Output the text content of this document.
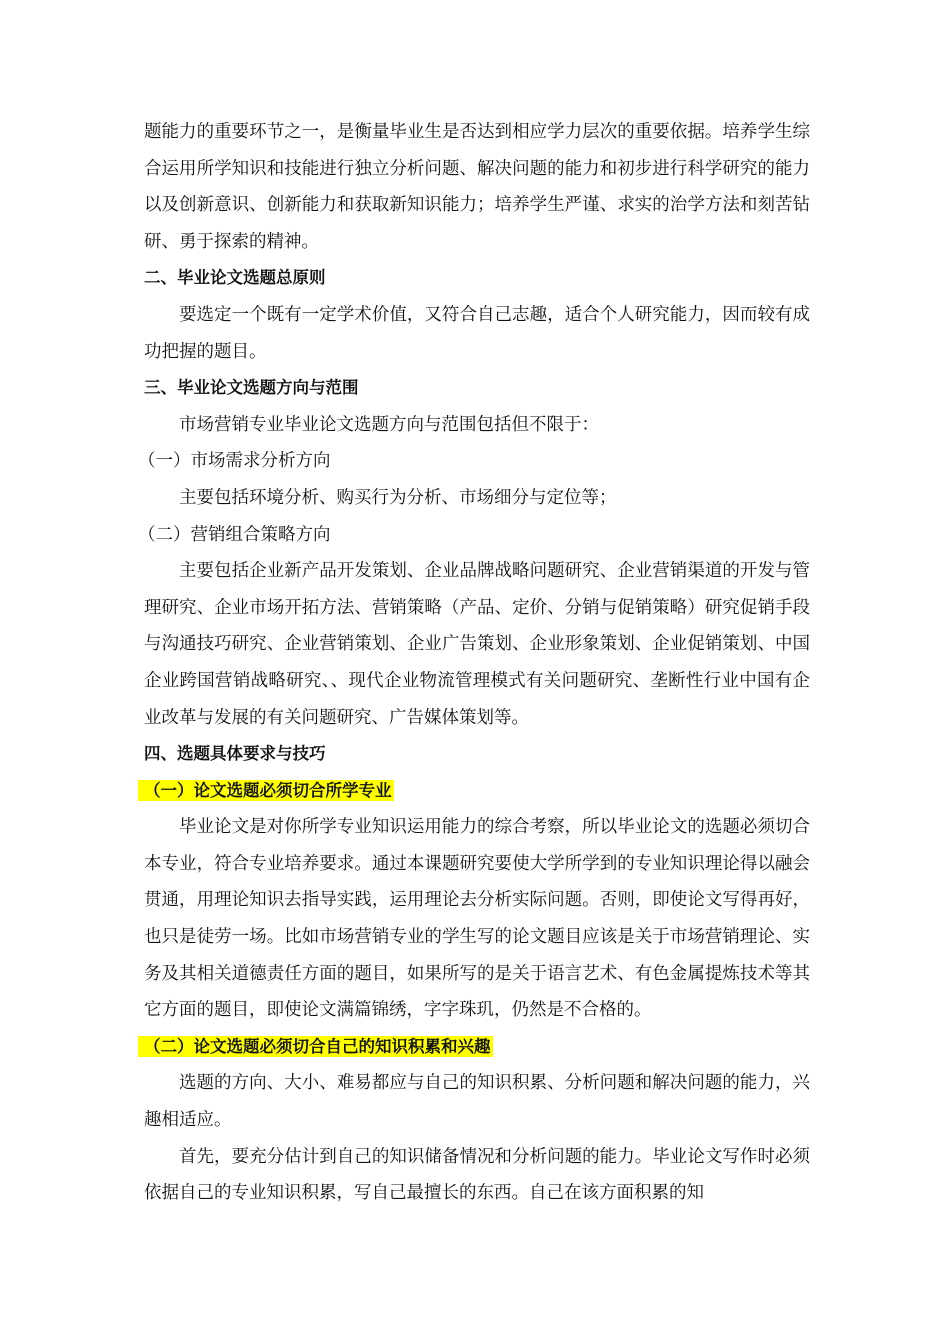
题能力的重要环节之一，是衡量毕业生是否达到相应学力层次的重要依据。培养学生综合运用所学知识和技能进行独立分析问题、解决问题的能力和初步进行科学研究的能力以及创新意识、创新能力和获取新知识能力；培养学生严谨、求实的治学方法和刻苦钻研、勇于探索的精神。

二、毕业论文选题总原则

要选定一个既有一定学术价值，又符合自己志趣，适合个人研究能力，因而较有成功把握的题目。

三、毕业论文选题方向与范围

市场营销专业毕业论文选题方向与范围包括但不限于：

（一）市场需求分析方向

主要包括环境分析、购买行为分析、市场细分与定位等；

（二）营销组合策略方向

主要包括企业新产品开发策划、企业品牌战略问题研究、企业营销渠道的开发与管理研究、企业市场开拓方法、营销策略（产品、定价、分销与促销策略）研究促销手段与沟通技巧研究、企业营销策划、企业广告策划、企业形象策划、企业促销策划、中国企业跨国营销战略研究、、现代企业物流管理模式有关问题研究、垄断性行业中国有企业改革与发展的有关问题研究、广告媒体策划等。

四、选题具体要求与技巧

（一）论文选题必须切合所学专业

毕业论文是对你所学专业知识运用能力的综合考察，所以毕业论文的选题必须切合本专业，符合专业培养要求。通过本课题研究要使大学所学到的专业知识理论得以融会贯通，用理论知识去指导实践，运用理论去分析实际问题。否则，即使论文写得再好，也只是徒劳一场。比如市场营销专业的学生写的论文题目应该是关于市场营销理论、实务及其相关道德责任方面的题目，如果所写的是关于语言艺术、有色金属提炼技术等其它方面的题目，即使论文满篇锦绣，字字珠玑，仍然是不合格的。

（二）论文选题必须切合自己的知识积累和兴趣

选题的方向、大小、难易都应与自己的知识积累、分析问题和解决问题的能力，兴趣相适应。

首先，要充分估计到自己的知识储备情况和分析问题的能力。毕业论文写作时必须依据自己的专业知识积累，写自己最擅长的东西。自己在该方面积累的知
